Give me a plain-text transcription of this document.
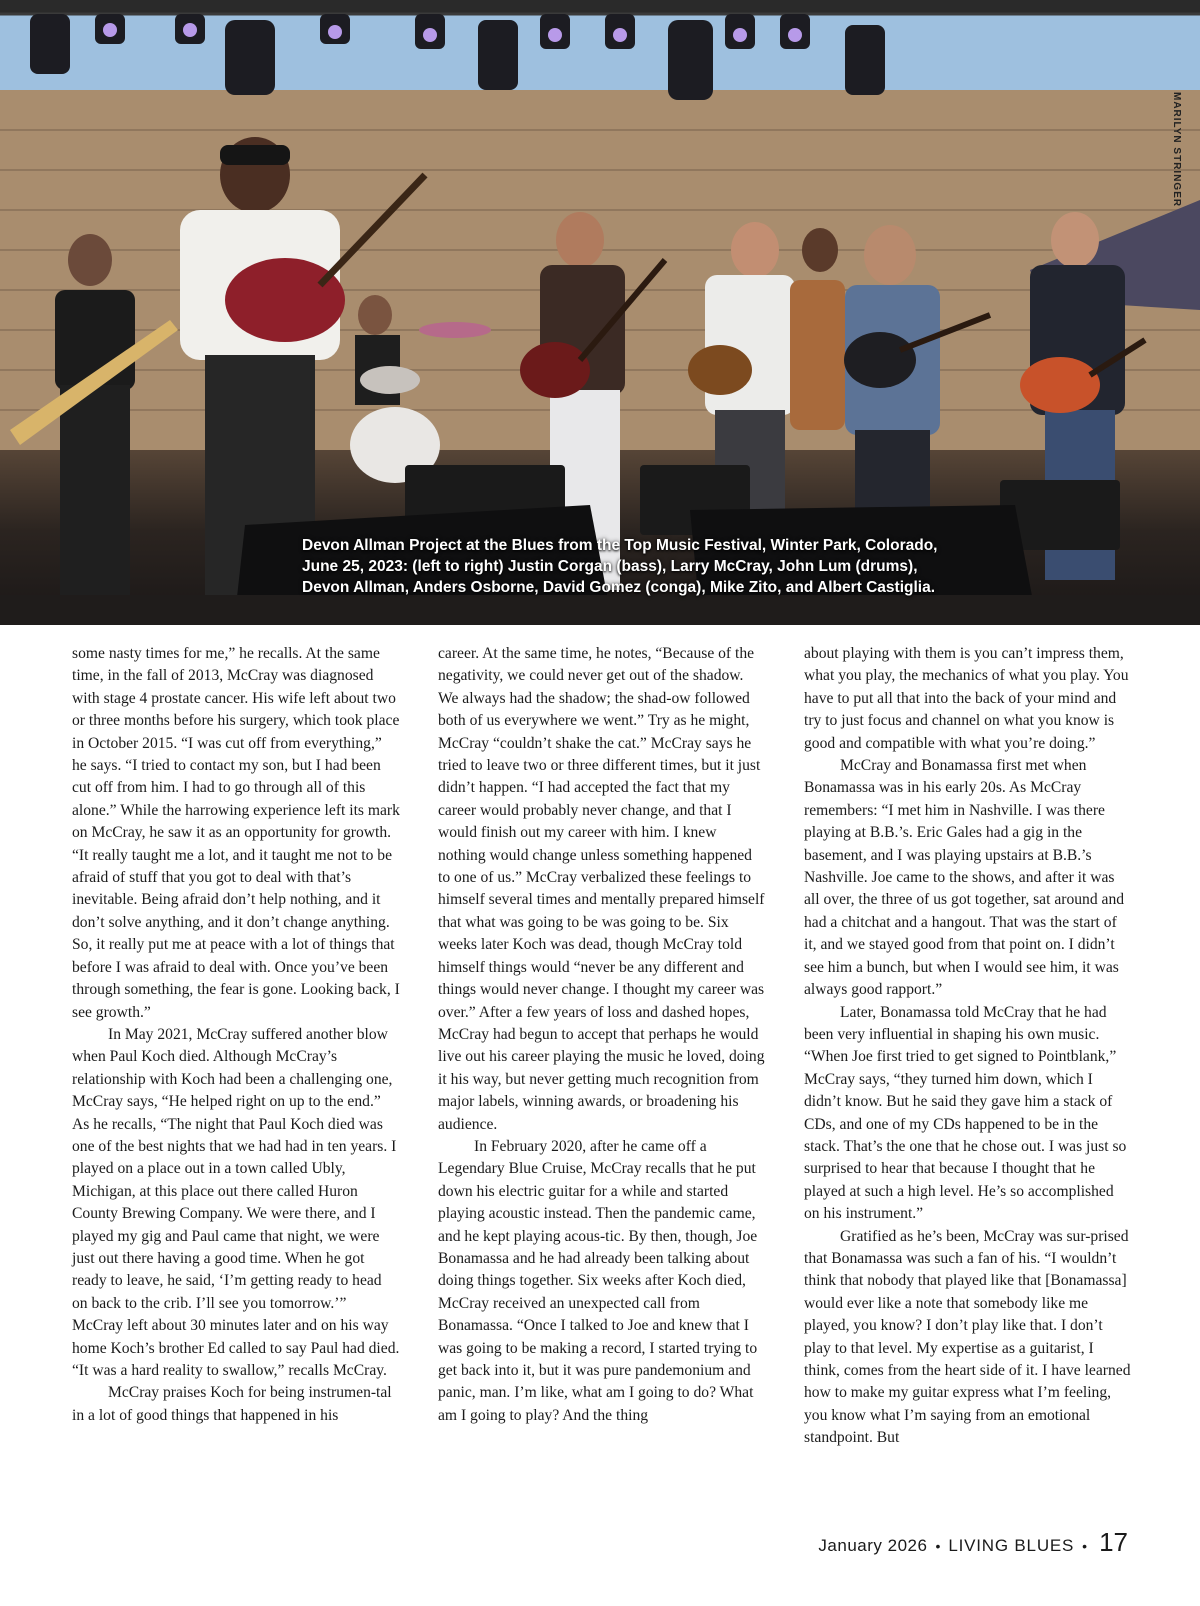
MARILYN STRINGER
Devon Allman Project at the Blues from the Top Music Festival, Winter Park, Colorado,
June 25, 2023: (left to right) Justin Corgan (bass), Larry McCray, John Lum (drums),
Devon Allman, Anders Osborne, David Gomez (conga), Mike Zito, and Albert Castiglia.

some nasty times for me,” he recalls. At the same time, in the fall of 2013, McCray was diagnosed with stage 4 prostate cancer. His wife left about two or three months before his surgery, which took place in October 2015. “I was cut off from everything,” he says. “I tried to contact my son, but I had been cut off from him. I had to go through all of this alone.” While the harrowing experience left its mark on McCray, he saw it as an opportunity for growth. “It really taught me a lot, and it taught me not to be afraid of stuff that you got to deal with that’s inevitable. Being afraid don’t help nothing, and it don’t solve anything, and it don’t change anything. So, it really put me at peace with a lot of things that before I was afraid to deal with. Once you’ve been through something, the fear is gone. Looking back, I see growth.”

In May 2021, McCray suffered another blow when Paul Koch died. Although McCray’s relationship with Koch had been a challenging one, McCray says, “He helped right on up to the end.” As he recalls, “The night that Paul Koch died was one of the best nights that we had had in ten years. I played on a place out in a town called Ubly, Michigan, at this place out there called Huron County Brewing Company. We were there, and I played my gig and Paul came that night, we were just out there having a good time. When he got ready to leave, he said, ‘I’m getting ready to head on back to the crib. I’ll see you tomorrow.’” McCray left about 30 minutes later and on his way home Koch’s brother Ed called to say Paul had died. “It was a hard reality to swallow,” recalls McCray.

McCray praises Koch for being instrumen-tal in a lot of good things that happened in his

career. At the same time, he notes, “Because of the negativity, we could never get out of the shadow. We always had the shadow; the shad-ow followed both of us everywhere we went.” Try as he might, McCray “couldn’t shake the cat.” McCray says he tried to leave two or three different times, but it just didn’t happen. “I had accepted the fact that my career would probably never change, and that I would finish out my career with him. I knew nothing would change unless something happened to one of us.” McCray verbalized these feelings to himself several times and mentally prepared himself that what was going to be was going to be. Six weeks later Koch was dead, though McCray told himself things would “never be any different and things would never change. I thought my career was over.” After a few years of loss and dashed hopes, McCray had begun to accept that perhaps he would live out his career playing the music he loved, doing it his way, but never getting much recognition from major labels, winning awards, or broadening his audience.

In February 2020, after he came off a Legendary Blue Cruise, McCray recalls that he put down his electric guitar for a while and started playing acoustic instead. Then the pandemic came, and he kept playing acous-tic. By then, though, Joe Bonamassa and he had already been talking about doing things together. Six weeks after Koch died, McCray received an unexpected call from Bonamassa. “Once I talked to Joe and knew that I was going to be making a record, I started trying to get back into it, but it was pure pandemonium and panic, man. I’m like, what am I going to do? What am I going to play? And the thing

about playing with them is you can’t impress them, what you play, the mechanics of what you play. You have to put all that into the back of your mind and try to just focus and channel on what you know is good and compatible with what you’re doing.”

McCray and Bonamassa first met when Bonamassa was in his early 20s. As McCray remembers: “I met him in Nashville. I was there playing at B.B.’s. Eric Gales had a gig in the basement, and I was playing upstairs at B.B.’s Nashville. Joe came to the shows, and after it was all over, the three of us got together, sat around and had a chitchat and a hangout. That was the start of it, and we stayed good from that point on. I didn’t see him a bunch, but when I would see him, it was always good rapport.”

Later, Bonamassa told McCray that he had been very influential in shaping his own music. “When Joe first tried to get signed to Pointblank,” McCray says, “they turned him down, which I didn’t know. But he said they gave him a stack of CDs, and one of my CDs happened to be in the stack. That’s the one that he chose out. I was just so surprised to hear that because I thought that he played at such a high level. He’s so accomplished on his instrument.”

Gratified as he’s been, McCray was sur-prised that Bonamassa was such a fan of his. “I wouldn’t think that nobody that played like that [Bonamassa] would ever like a note that somebody like me played, you know? I don’t play like that. I don’t play to that level. My expertise as a guitarist, I think, comes from the heart side of it. I have learned how to make my guitar express what I’m feeling, you know what I’m saying from an emotional standpoint. But

January 2026 • LIVING BLUES • 17
